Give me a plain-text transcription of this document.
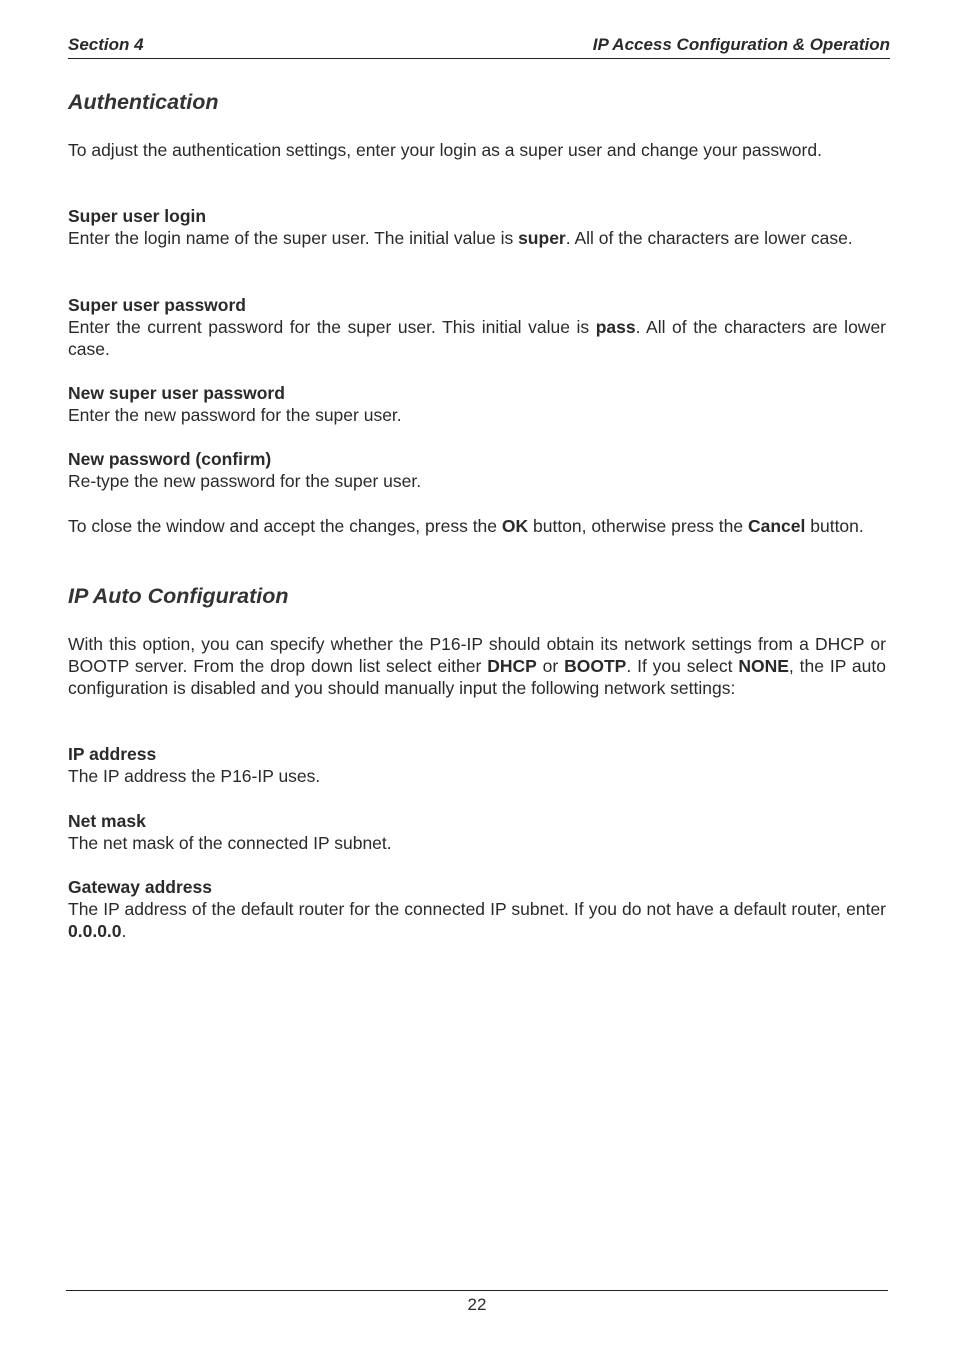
Section 4	IP Access Configuration & Operation
Authentication
To adjust the authentication settings, enter your login as a super user and change your password.
Super user login
Enter the login name of the super user. The initial value is super. All of the characters are lower case.
Super user password
Enter the current password for the super user. This initial value is pass. All of the characters are lower case.
New super user password
Enter the new password for the super user.
New password (confirm)
Re-type the new password for the super user.
To close the window and accept the changes, press the OK button, otherwise press the Cancel button.
IP Auto Configuration
With this option, you can specify whether the P16-IP should obtain its network settings from a DHCP or BOOTP server. From the drop down list select either DHCP or BOOTP. If you select NONE, the IP auto configuration is disabled and you should manually input the following network settings:
IP address
The IP address the P16-IP uses.
Net mask
The net mask of the connected IP subnet.
Gateway address
The IP address of the default router for the connected IP subnet. If you do not have a default router, enter 0.0.0.0.
22
